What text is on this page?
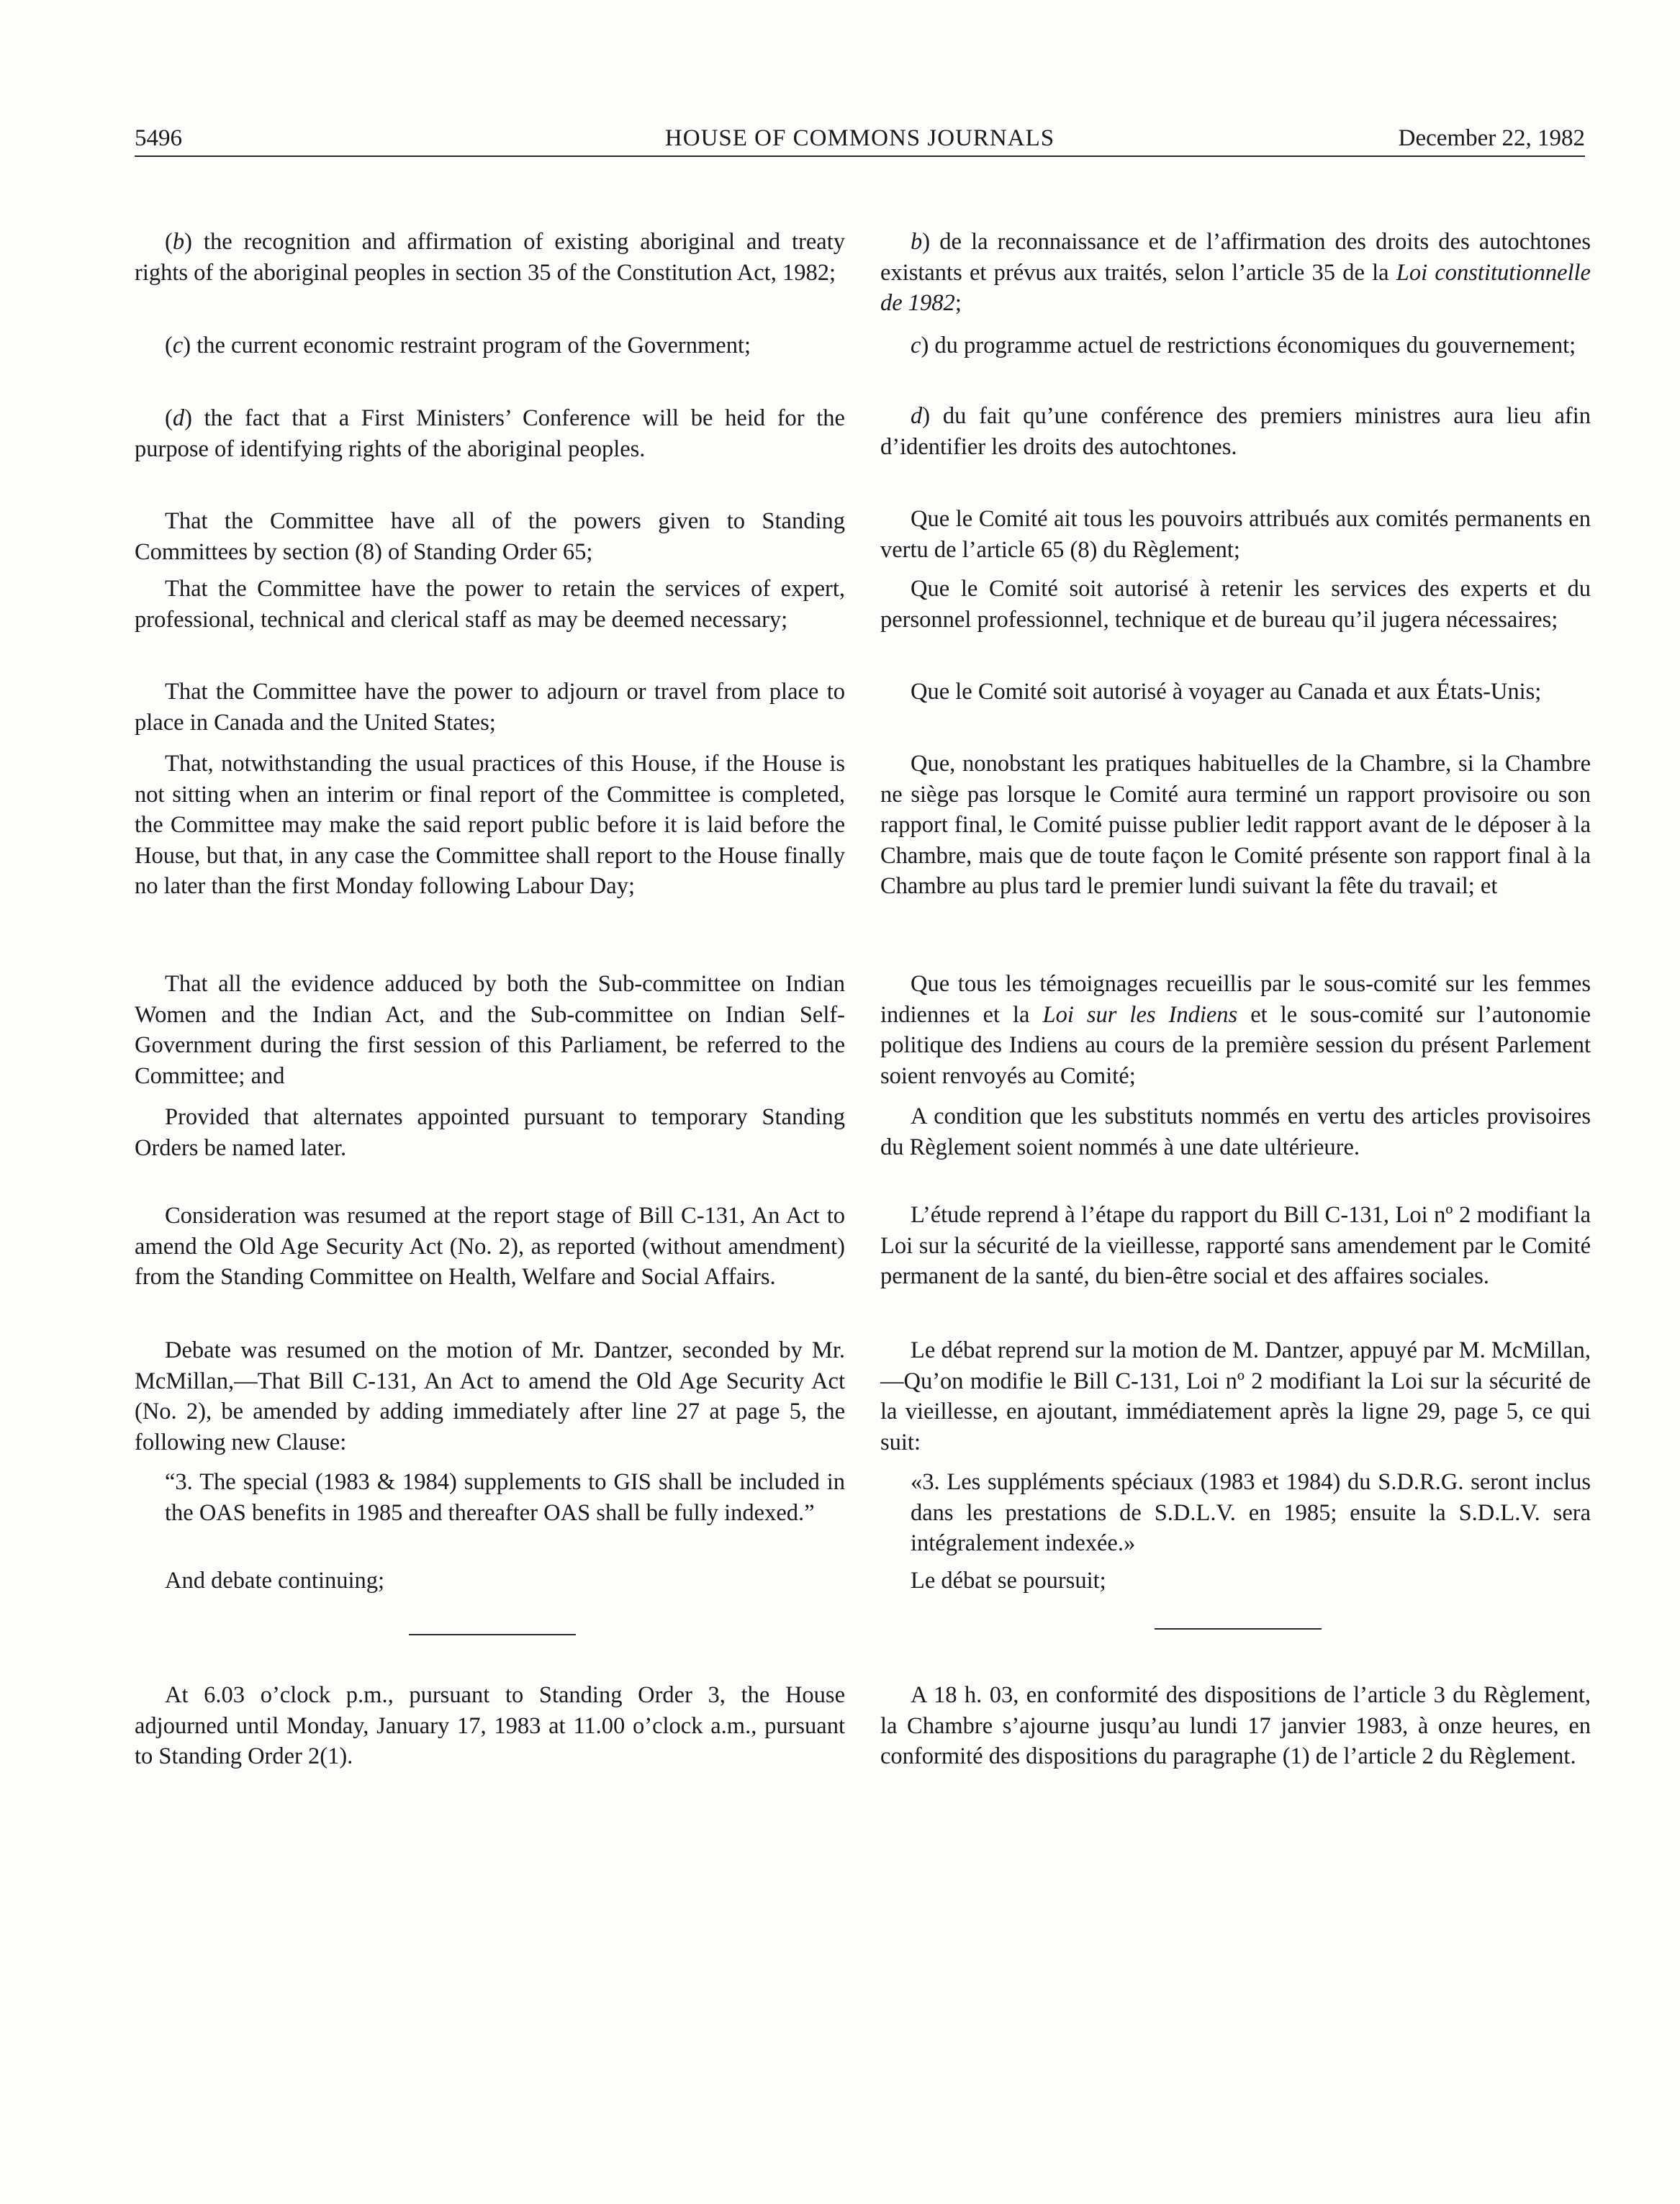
5496	HOUSE OF COMMONS JOURNALS	December 22, 1982

(b) the recognition and affirmation of existing aboriginal and treaty rights of the aboriginal peoples in section 35 of the Constitution Act, 1982;

(c) the current economic restraint program of the Government;

(d) the fact that a First Ministers’ Conference will be heid for the purpose of identifying rights of the aboriginal peoples.

That the Committee have all of the powers given to Standing Committees by section (8) of Standing Order 65;

That the Committee have the power to retain the services of expert, professional, technical and clerical staff as may be deemed necessary;

That the Committee have the power to adjourn or travel from place to place in Canada and the United States;

That, notwithstanding the usual practices of this House, if the House is not sitting when an interim or final report of the Committee is completed, the Committee may make the said report public before it is laid before the House, but that, in any case the Committee shall report to the House finally no later than the first Monday following Labour Day;

That all the evidence adduced by both the Sub-committee on Indian Women and the Indian Act, and the Sub-committee on Indian Self-Government during the first session of this Parliament, be referred to the Committee; and

Provided that alternates appointed pursuant to temporary Standing Orders be named later.

Consideration was resumed at the report stage of Bill C-131, An Act to amend the Old Age Security Act (No. 2), as reported (without amendment) from the Standing Committee on Health, Welfare and Social Affairs.

Debate was resumed on the motion of Mr. Dantzer, seconded by Mr. McMillan,—That Bill C-131, An Act to amend the Old Age Security Act (No. 2), be amended by adding immediately after line 27 at page 5, the following new Clause:

“3. The special (1983 & 1984) supplements to GIS shall be included in the OAS benefits in 1985 and thereafter OAS shall be fully indexed.”

And debate continuing;

At 6.03 o’clock p.m., pursuant to Standing Order 3, the House adjourned until Monday, January 17, 1983 at 11.00 o’clock a.m., pursuant to Standing Order 2(1).

b) de la reconnaissance et de l’affirmation des droits des autochtones existants et prévus aux traités, selon l’article 35 de la Loi constitutionnelle de 1982;

c) du programme actuel de restrictions économiques du gouvernement;

d) du fait qu’une conférence des premiers ministres aura lieu afin d’identifier les droits des autochtones.

Que le Comité ait tous les pouvoirs attribués aux comités permanents en vertu de l’article 65 (8) du Règlement;

Que le Comité soit autorisé à retenir les services des experts et du personnel professionnel, technique et de bureau qu’il jugera nécessaires;

Que le Comité soit autorisé à voyager au Canada et aux États-Unis;

Que, nonobstant les pratiques habituelles de la Chambre, si la Chambre ne siège pas lorsque le Comité aura terminé un rapport provisoire ou son rapport final, le Comité puisse publier ledit rapport avant de le déposer à la Chambre, mais que de toute façon le Comité présente son rapport final à la Chambre au plus tard le premier lundi suivant la fête du travail; et

Que tous les témoignages recueillis par le sous-comité sur les femmes indiennes et la Loi sur les Indiens et le sous-comité sur l’autonomie politique des Indiens au cours de la première session du présent Parlement soient renvoyés au Comité;

A condition que les substituts nommés en vertu des articles provisoires du Règlement soient nommés à une date ultérieure.

L’étude reprend à l’étape du rapport du Bill C-131, Loi nº 2 modifiant la Loi sur la sécurité de la vieillesse, rapporté sans amendement par le Comité permanent de la santé, du bien-être social et des affaires sociales.

Le débat reprend sur la motion de M. Dantzer, appuyé par M. McMillan,—Qu’on modifie le Bill C-131, Loi nº 2 modifiant la Loi sur la sécurité de la vieillesse, en ajoutant, immédiatement après la ligne 29, page 5, ce qui suit:

«3. Les suppléments spéciaux (1983 et 1984) du S.D.R.G. seront inclus dans les prestations de S.D.L.V. en 1985; ensuite la S.D.L.V. sera intégralement indexée.»

Le débat se poursuit;

A 18 h. 03, en conformité des dispositions de l’article 3 du Règlement, la Chambre s’ajourne jusqu’au lundi 17 janvier 1983, à onze heures, en conformité des dispositions du paragraphe (1) de l’article 2 du Règlement.
